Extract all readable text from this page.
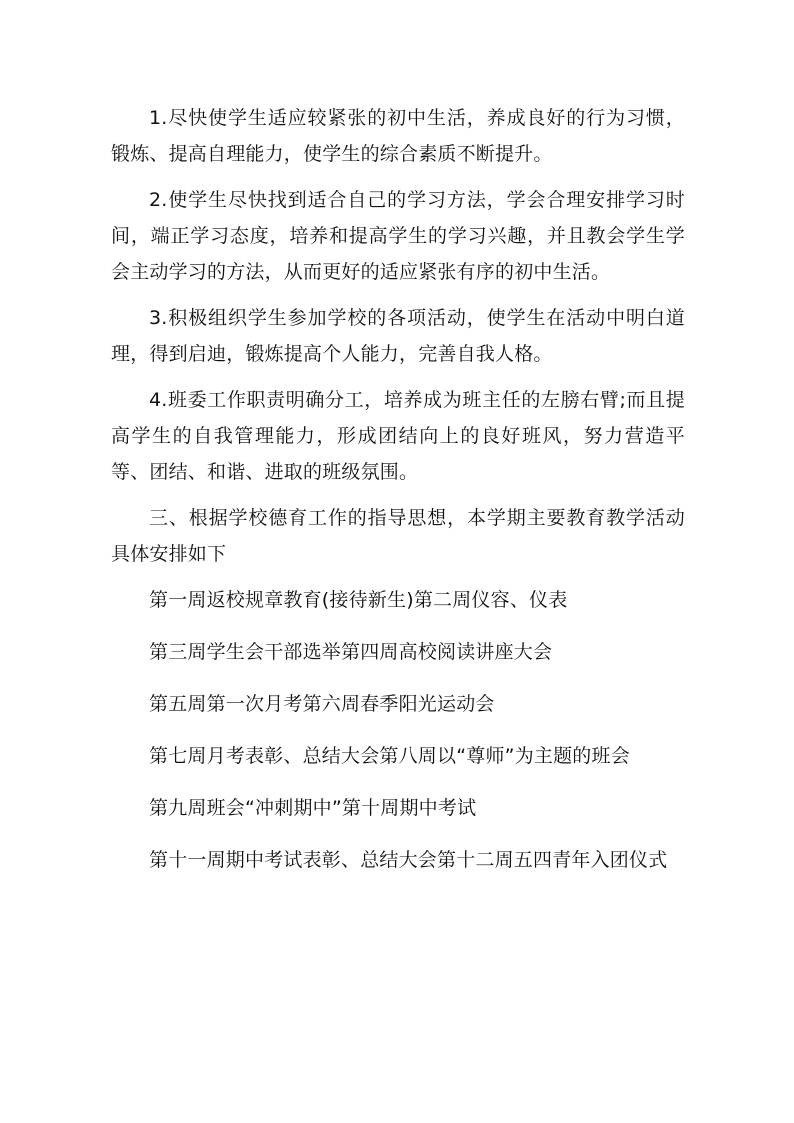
1.尽快使学生适应较紧张的初中生活，养成良好的行为习惯，锻炼、提高自理能力，使学生的综合素质不断提升。

2.使学生尽快找到适合自己的学习方法，学会合理安排学习时间，端正学习态度，培养和提高学生的学习兴趣，并且教会学生学会主动学习的方法，从而更好的适应紧张有序的初中生活。

3.积极组织学生参加学校的各项活动，使学生在活动中明白道理，得到启迪，锻炼提高个人能力，完善自我人格。

4.班委工作职责明确分工，培养成为班主任的左膀右臂;而且提高学生的自我管理能力，形成团结向上的良好班风，努力营造平等、团结、和谐、进取的班级氛围。

三、根据学校德育工作的指导思想，本学期主要教育教学活动具体安排如下

第一周返校规章教育(接待新生)第二周仪容、仪表

第三周学生会干部选举第四周高校阅读讲座大会

第五周第一次月考第六周春季阳光运动会

第七周月考表彰、总结大会第八周以“尊师”为主题的班会

第九周班会“冲刺期中”第十周期中考试

第十一周期中考试表彰、总结大会第十二周五四青年入团仪式
